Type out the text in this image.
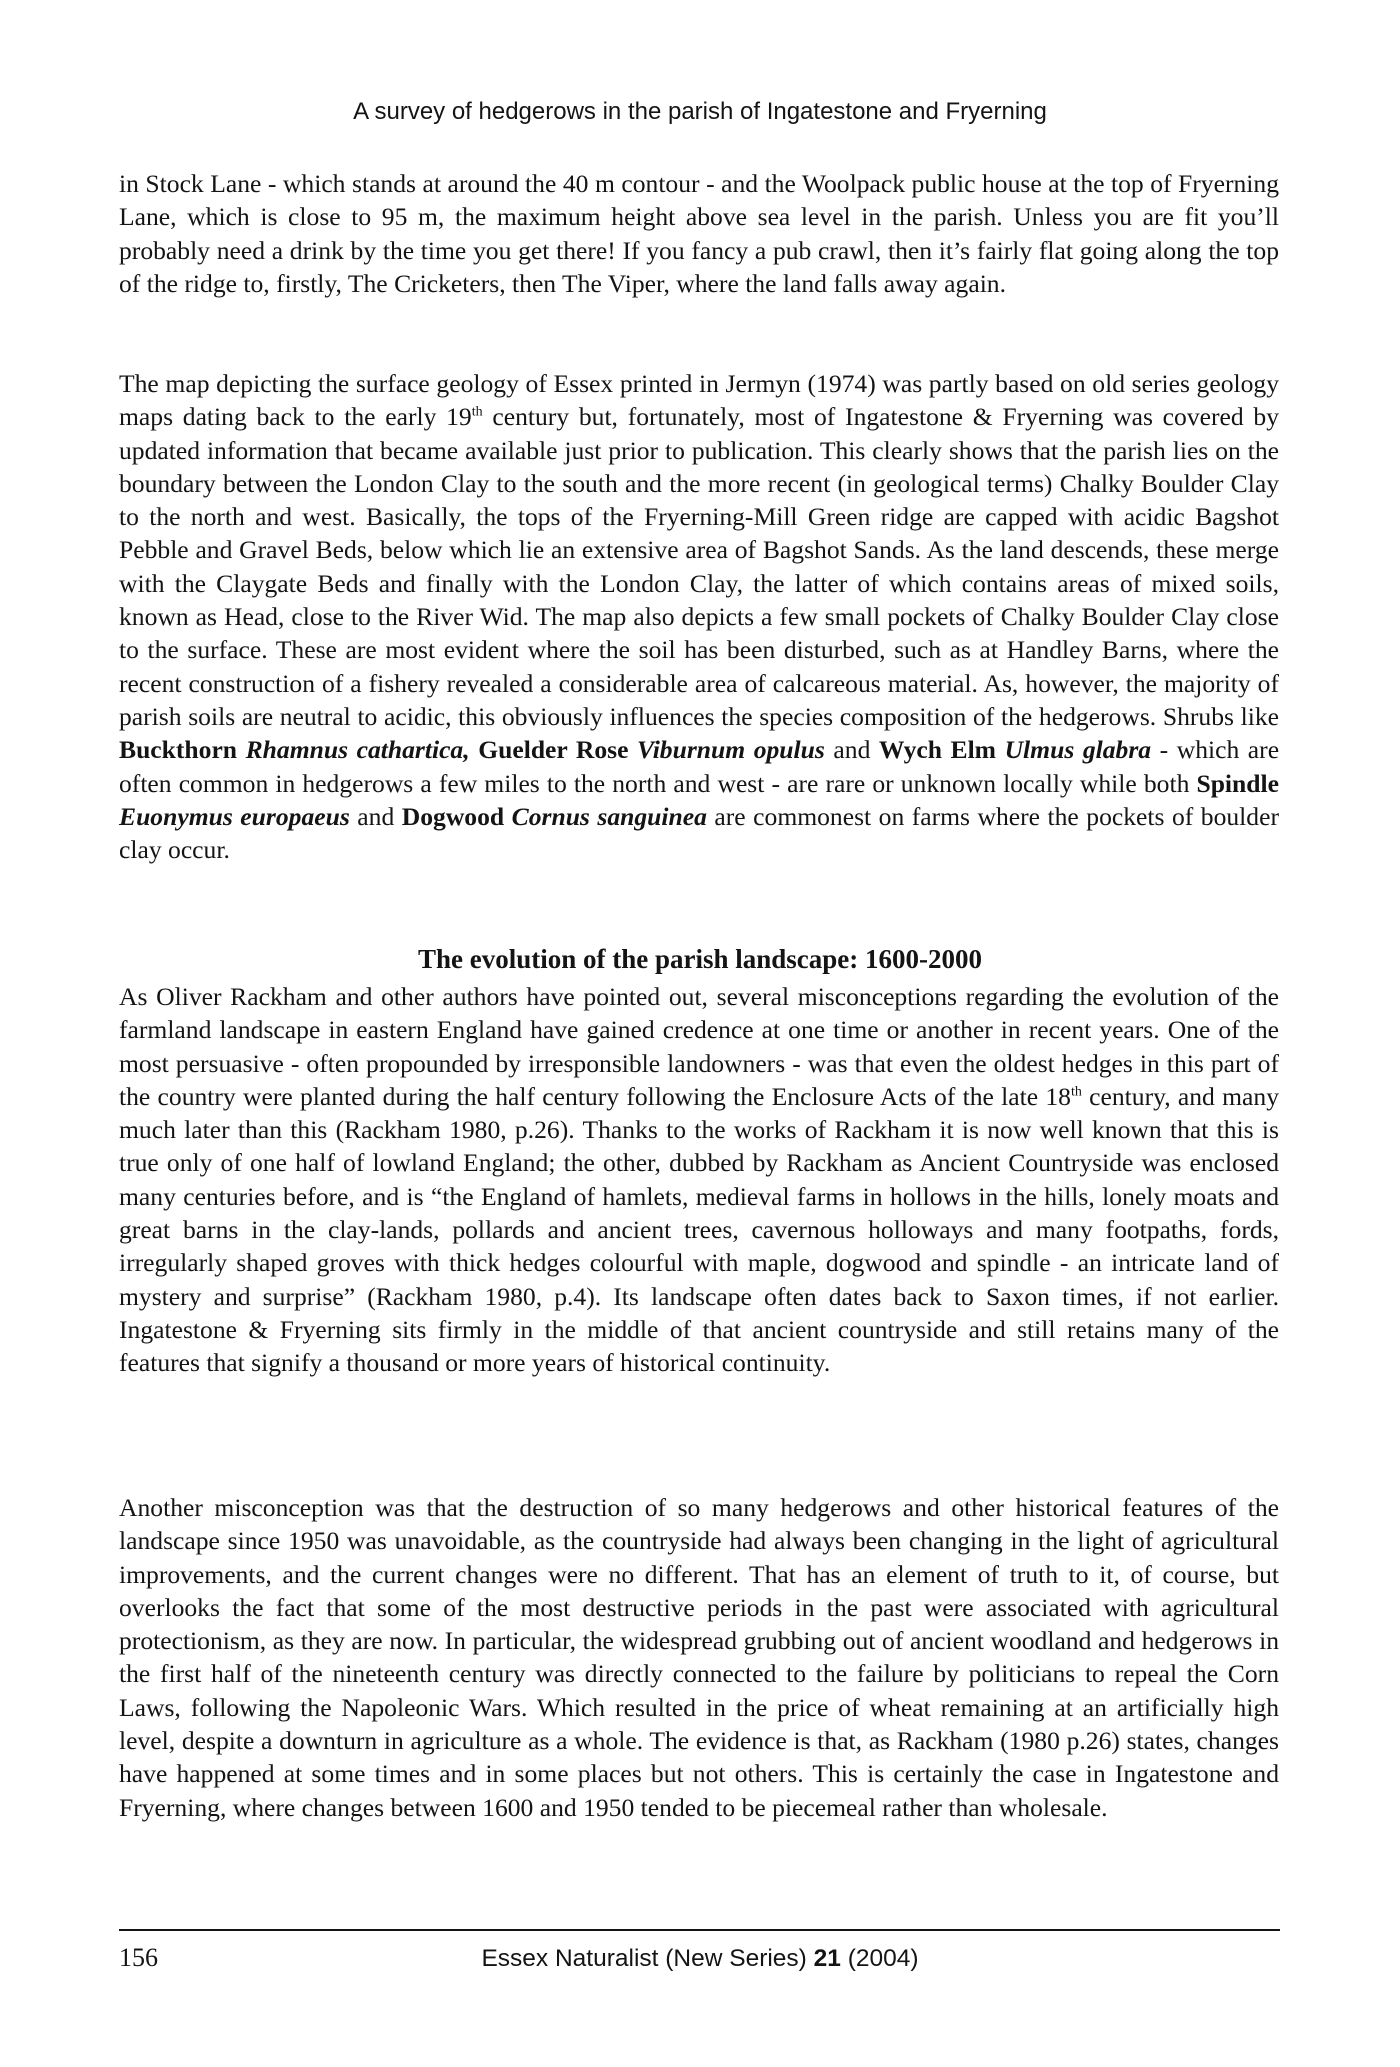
A survey of hedgerows in the parish of Ingatestone and Fryerning

in Stock Lane - which stands at around the 40 m contour - and the Woolpack public house at the top of Fryerning Lane, which is close to 95 m, the maximum height above sea level in the parish. Unless you are fit you’ll probably need a drink by the time you get there! If you fancy a pub crawl, then it’s fairly flat going along the top of the ridge to, firstly, The Cricketers, then The Viper, where the land falls away again.

The map depicting the surface geology of Essex printed in Jermyn (1974) was partly based on old series geology maps dating back to the early 19th century but, fortunately, most of Ingatestone & Fryerning was covered by updated information that became available just prior to publication. This clearly shows that the parish lies on the boundary between the London Clay to the south and the more recent (in geological terms) Chalky Boulder Clay to the north and west. Basically, the tops of the Fryerning-Mill Green ridge are capped with acidic Bagshot Pebble and Gravel Beds, below which lie an extensive area of Bagshot Sands. As the land descends, these merge with the Claygate Beds and finally with the London Clay, the latter of which contains areas of mixed soils, known as Head, close to the River Wid. The map also depicts a few small pockets of Chalky Boulder Clay close to the surface. These are most evident where the soil has been disturbed, such as at Handley Barns, where the recent construction of a fishery revealed a considerable area of calcareous material. As, however, the majority of parish soils are neutral to acidic, this obviously influences the species composition of the hedgerows. Shrubs like Buckthorn Rhamnus cathartica, Guelder Rose Viburnum opulus and Wych Elm Ulmus glabra - which are often common in hedgerows a few miles to the north and west - are rare or unknown locally while both Spindle Euonymus europaeus and Dogwood Cornus sanguinea are commonest on farms where the pockets of boulder clay occur.

The evolution of the parish landscape: 1600-2000

As Oliver Rackham and other authors have pointed out, several misconceptions regarding the evolution of the farmland landscape in eastern England have gained credence at one time or another in recent years. One of the most persuasive - often propounded by irresponsible landowners - was that even the oldest hedges in this part of the country were planted during the half century following the Enclosure Acts of the late 18th century, and many much later than this (Rackham 1980, p.26). Thanks to the works of Rackham it is now well known that this is true only of one half of lowland England; the other, dubbed by Rackham as Ancient Countryside was enclosed many centuries before, and is “the England of hamlets, medieval farms in hollows in the hills, lonely moats and great barns in the clay-lands, pollards and ancient trees, cavernous holloways and many footpaths, fords, irregularly shaped groves with thick hedges colourful with maple, dogwood and spindle - an intricate land of mystery and surprise” (Rackham 1980, p.4). Its landscape often dates back to Saxon times, if not earlier. Ingatestone & Fryerning sits firmly in the middle of that ancient countryside and still retains many of the features that signify a thousand or more years of historical continuity.

Another misconception was that the destruction of so many hedgerows and other historical features of the landscape since 1950 was unavoidable, as the countryside had always been changing in the light of agricultural improvements, and the current changes were no different. That has an element of truth to it, of course, but overlooks the fact that some of the most destructive periods in the past were associated with agricultural protectionism, as they are now. In particular, the widespread grubbing out of ancient woodland and hedgerows in the first half of the nineteenth century was directly connected to the failure by politicians to repeal the Corn Laws, following the Napoleonic Wars. Which resulted in the price of wheat remaining at an artificially high level, despite a downturn in agriculture as a whole. The evidence is that, as Rackham (1980 p.26) states, changes have happened at some times and in some places but not others. This is certainly the case in Ingatestone and Fryerning, where changes between 1600 and 1950 tended to be piecemeal rather than wholesale.

156	Essex Naturalist (New Series) 21 (2004)
